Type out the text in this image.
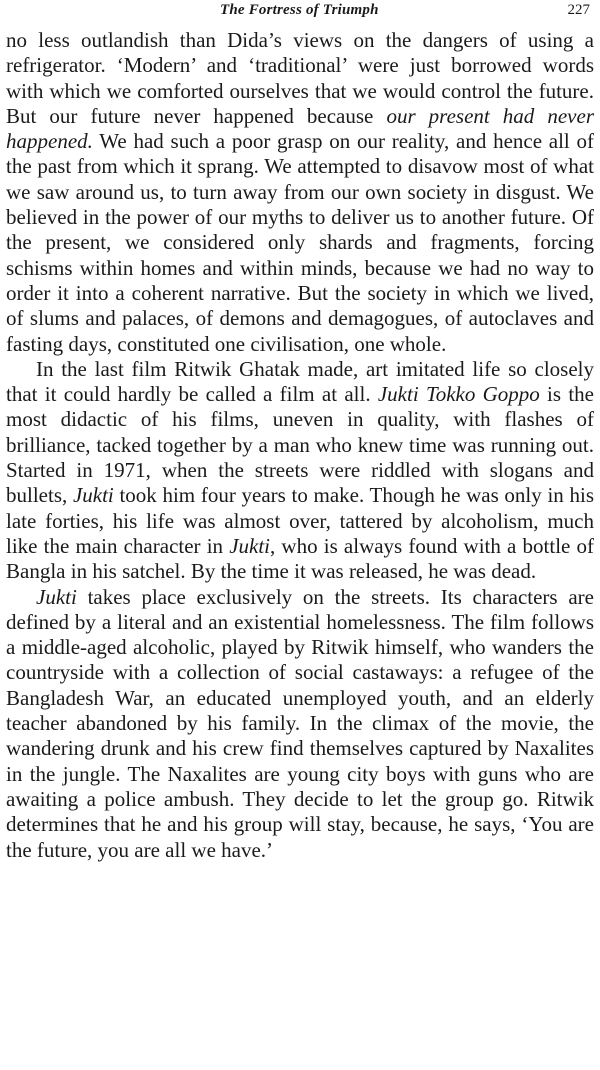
The Fortress of Triumph	227

no less outlandish than Dida’s views on the dangers of using a refrigerator. ‘Modern’ and ‘traditional’ were just borrowed words with which we comforted ourselves that we would control the future. But our future never happened because our present had never happened. We had such a poor grasp on our reality, and hence all of the past from which it sprang. We attempted to disavow most of what we saw around us, to turn away from our own society in disgust. We believed in the power of our myths to deliver us to another future. Of the present, we considered only shards and fragments, forcing schisms within homes and within minds, because we had no way to order it into a coherent narrative. But the society in which we lived, of slums and palaces, of demons and demagogues, of autoclaves and fasting days, constituted one civilisation, one whole.

In the last film Ritwik Ghatak made, art imitated life so closely that it could hardly be called a film at all. Jukti Tokko Goppo is the most didactic of his films, uneven in quality, with flashes of brilliance, tacked together by a man who knew time was running out. Started in 1971, when the streets were riddled with slogans and bullets, Jukti took him four years to make. Though he was only in his late forties, his life was almost over, tattered by alcoholism, much like the main character in Jukti, who is always found with a bottle of Bangla in his satchel. By the time it was released, he was dead.

Jukti takes place exclusively on the streets. Its characters are defined by a literal and an existential homelessness. The film follows a middle-aged alcoholic, played by Ritwik himself, who wanders the countryside with a collection of social castaways: a refugee of the Bangladesh War, an educated unemployed youth, and an elderly teacher abandoned by his family. In the climax of the movie, the wandering drunk and his crew find themselves captured by Naxalites in the jungle. The Naxalites are young city boys with guns who are awaiting a police ambush. They decide to let the group go. Ritwik determines that he and his group will stay, because, he says, ‘You are the future, you are all we have.’
